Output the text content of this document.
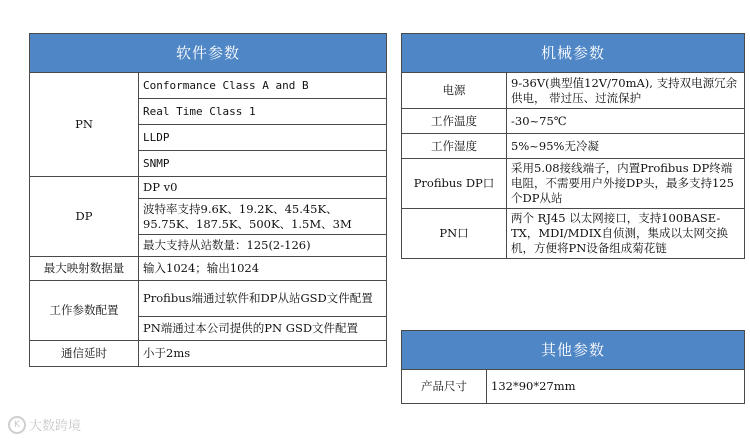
软件参数	
PN	Conformance Class A and B
	Real Time Class 1
	LLDP
	SNMP
DP	DP v0
	波特率支持9.6K、19.2K、45.45K、95.75K、187.5K、500K、1.5M、3M
	最大支持从站数量：125(2-126)
最大映射数据量	输入1024；输出1024
工作参数配置	Profibus端通过软件和DP从站GSD文件配置
	PN端通过本公司提供的PN GSD文件配置
通信延时	小于2ms
机械参数	
电源	9-36V(典型值12V/70mA), 支持双电源冗余供电， 带过压、过流保护
工作温度	-30~75℃
工作湿度	5%~95%无冷凝
Profibus DP口	采用5.08接线端子，内置Profibus DP终端电阻，不需要用户外接DP头，最多支持125个DP从站
PN口	两个 RJ45 以太网接口，支持100BASE-TX，MDI/MDIX自侦测，集成以太网交换机，方便将PN设备组成菊花链
其他参数
产品尺寸	132*90*27mm
K 大数跨境
